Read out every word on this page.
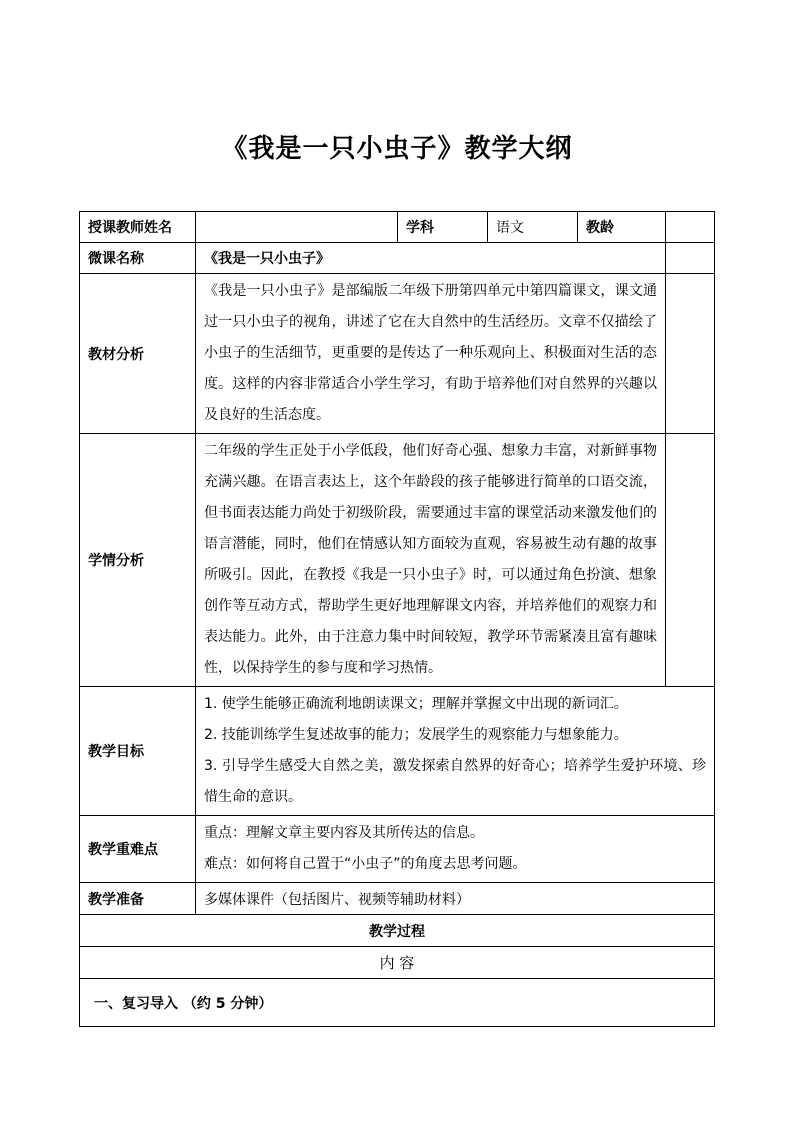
《我是一只小虫子》教学大纲
授课教师姓名		学科	语文	教龄	
微课名称	《我是一只小虫子》				
教材分析	《我是一只小虫子》是部编版二年级下册第四单元中第四篇课文，课文通过一只小虫子的视角，讲述了它在大自然中的生活经历。文章不仅描绘了小虫子的生活细节，更重要的是传达了一种乐观向上、积极面对生活的态度。这样的内容非常适合小学生学习，有助于培养他们对自然界的兴趣以及良好的生活态度。				
学情分析	二年级的学生正处于小学低段，他们好奇心强、想象力丰富，对新鲜事物充满兴趣。在语言表达上，这个年龄段的孩子能够进行简单的口语交流，但书面表达能力尚处于初级阶段，需要通过丰富的课堂活动来激发他们的语言潜能，同时，他们在情感认知方面较为直观，容易被生动有趣的故事所吸引。因此，在教授《我是一只小虫子》时，可以通过角色扮演、想象创作等互动方式，帮助学生更好地理解课文内容，并培养他们的观察力和表达能力。此外，由于注意力集中时间较短，教学环节需紧凑且富有趣味性，以保持学生的参与度和学习热情。				
教学目标	1. 使学生能够正确流利地朗读课文；理解并掌握文中出现的新词汇。
2. 技能训练学生复述故事的能力；发展学生的观察能力与想象能力。
3. 引导学生感受大自然之美，激发探索自然界的好奇心；培养学生爱护环境、珍惜生命的意识。				

教学重难点	重点：理解文章主要内容及其所传达的信息。
难点：如何将自己置于“小虫子”的角度去思考问题。				

教学准备	多媒体课件（包括图片、视频等辅助材料）				
教学过程					
内 容					
一、复习导入 （约 5 分钟）					
